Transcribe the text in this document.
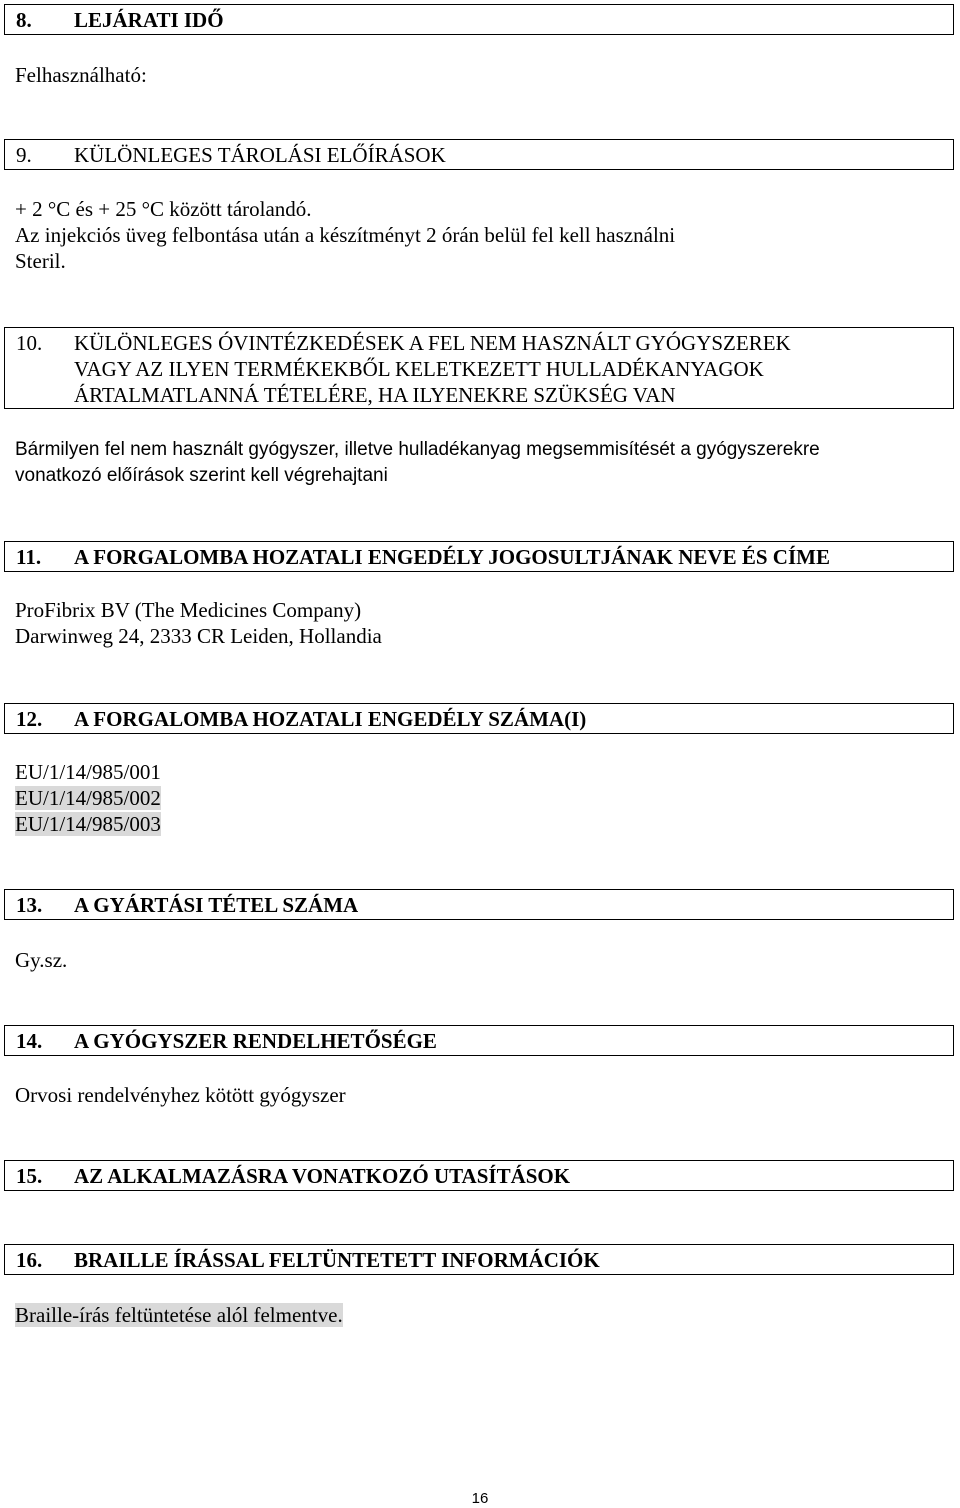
8.	LEJÁRATI IDŐ
Felhasználható:
9.	KÜLÖNLEGES TÁROLÁSI ELŐÍRÁSOK
+ 2 °C és + 25 °C között tárolandó.
Az injekciós üveg felbontása után a készítményt 2 órán belül fel kell használni
Steril.
10.	KÜLÖNLEGES ÓVINTÉZKEDÉSEK A FEL NEM HASZNÁLT GYÓGYSZEREK
VAGY AZ ILYEN TERMÉKEKBŐL KELETKEZETT HULLADÉKANYAGOK
ÁRTALMATLANNÁ TÉTELÉRE, HA ILYENEKRE SZÜKSÉG VAN
Bármilyen fel nem használt gyógyszer, illetve hulladékanyag megsemmisítését a gyógyszerekre
vonatkozó előírások szerint kell végrehajtani
11.	A FORGALOMBA HOZATALI ENGEDÉLY JOGOSULTJÁNAK NEVE ÉS CÍME
ProFibrix BV (The Medicines Company)
Darwinweg 24, 2333 CR Leiden, Hollandia
12.	A FORGALOMBA HOZATALI ENGEDÉLY SZÁMA(I)
EU/1/14/985/001
EU/1/14/985/002
EU/1/14/985/003
13.	A GYÁRTÁSI TÉTEL SZÁMA
Gy.sz.
14.	A GYÓGYSZER RENDELHETŐSÉGE
Orvosi rendelvényhez kötött gyógyszer
15.	AZ ALKALMAZÁSRA VONATKOZÓ UTASÍTÁSOK
16.	BRAILLE ÍRÁSSAL FELTÜNTETETT INFORMÁCIÓK
Braille-írás feltüntetése alól felmentve.
16
